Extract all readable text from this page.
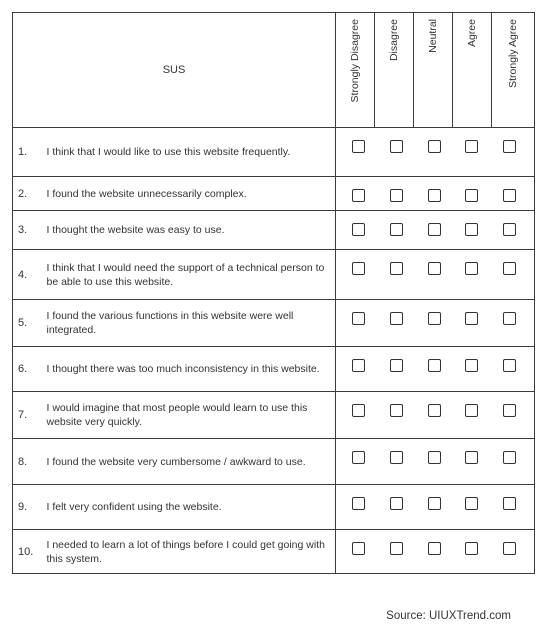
SUS	Strongly Disagree	Disagree	Neutral	Agree	Strongly Agree
1.	I think that I would like to use this website frequently.	

2.	I found the website unnecessarily complex.	

3.	I thought the website was easy to use.	

4.	I think that I would need the support of a technical person to be able to use this website.	

5.	I found the various functions in this website were well integrated.	

6.	I thought there was too much inconsistency in this website.	

7.	I would imagine that most people would learn to use this website very quickly.	

8.	I found the website very cumbersome / awkward to use.	

9.	I felt very confident using the website.	

10.	I needed to learn a lot of things before I could get going with this system.	
Source: UIUXTrend.com
